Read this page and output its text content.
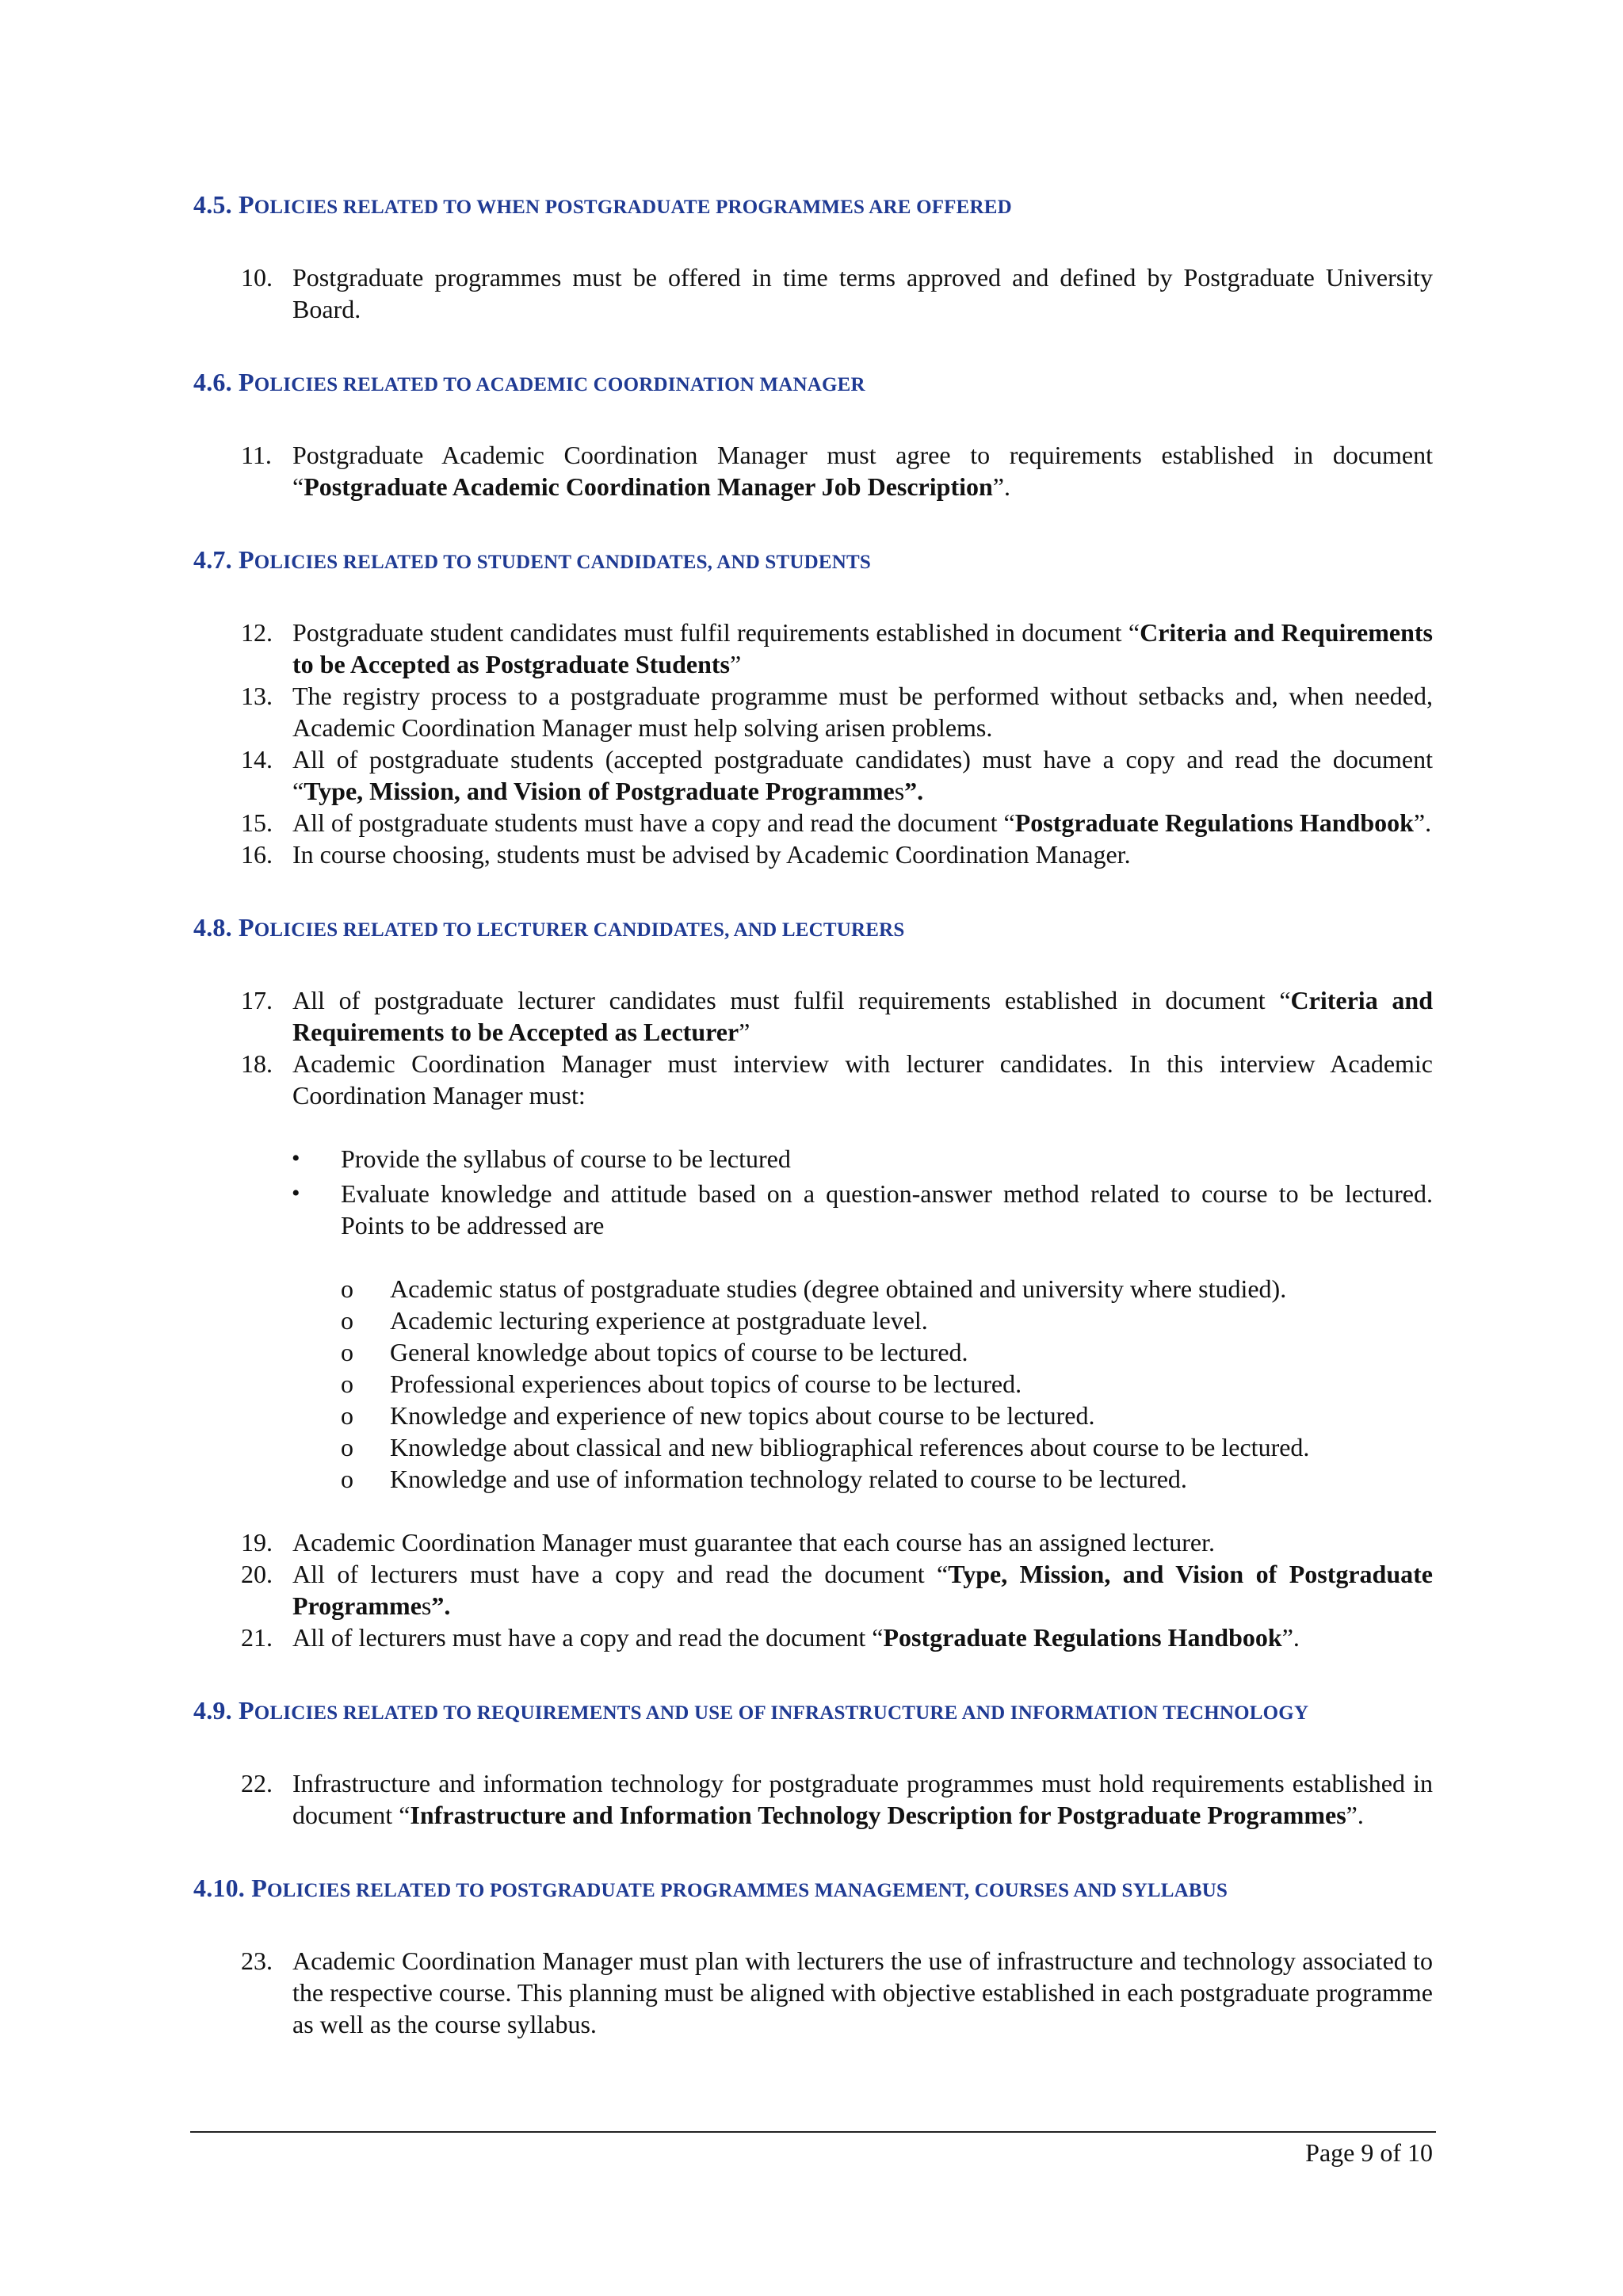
4.5. POLICIES RELATED TO WHEN POSTGRADUATE PROGRAMMES ARE OFFERED
10. Postgraduate programmes must be offered in time terms approved and defined by Postgraduate University Board.
4.6. POLICIES RELATED TO ACADEMIC COORDINATION MANAGER
11. Postgraduate Academic Coordination Manager must agree to requirements established in document “Postgraduate Academic Coordination Manager Job Description”.
4.7. POLICIES RELATED TO STUDENT CANDIDATES, AND STUDENTS
12. Postgraduate student candidates must fulfil requirements established in document “Criteria and Requirements to be Accepted as Postgraduate Students”
13. The registry process to a postgraduate programme must be performed without setbacks and, when needed, Academic Coordination Manager must help solving arisen problems.
14. All of postgraduate students (accepted postgraduate candidates) must have a copy and read the document “Type, Mission, and Vision of Postgraduate Programmes”.
15. All of postgraduate students must have a copy and read the document “Postgraduate Regulations Handbook”.
16. In course choosing, students must be advised by Academic Coordination Manager.
4.8. POLICIES RELATED TO LECTURER CANDIDATES, AND LECTURERS
17. All of postgraduate lecturer candidates must fulfil requirements established in document “Criteria and Requirements to be Accepted as Lecturer”
18. Academic Coordination Manager must interview with lecturer candidates. In this interview Academic Coordination Manager must:
• Provide the syllabus of course to be lectured
• Evaluate knowledge and attitude based on a question-answer method related to course to be lectured. Points to be addressed are
o Academic status of postgraduate studies (degree obtained and university where studied).
o Academic lecturing experience at postgraduate level.
o General knowledge about topics of course to be lectured.
o Professional experiences about topics of course to be lectured.
o Knowledge and experience of new topics about course to be lectured.
o Knowledge about classical and new bibliographical references about course to be lectured.
o Knowledge and use of information technology related to course to be lectured.
19. Academic Coordination Manager must guarantee that each course has an assigned lecturer.
20. All of lecturers must have a copy and read the document “Type, Mission, and Vision of Postgraduate Programmes”.
21. All of lecturers must have a copy and read the document “Postgraduate Regulations Handbook”.
4.9. POLICIES RELATED TO REQUIREMENTS AND USE OF INFRASTRUCTURE AND INFORMATION TECHNOLOGY
22. Infrastructure and information technology for postgraduate programmes must hold requirements established in document “Infrastructure and Information Technology Description for Postgraduate Programmes”.
4.10. POLICIES RELATED TO POSTGRADUATE PROGRAMMES MANAGEMENT, COURSES AND SYLLABUS
23. Academic Coordination Manager must plan with lecturers the use of infrastructure and technology associated to the respective course. This planning must be aligned with objective established in each postgraduate programme as well as the course syllabus.
Page 9 of 10
